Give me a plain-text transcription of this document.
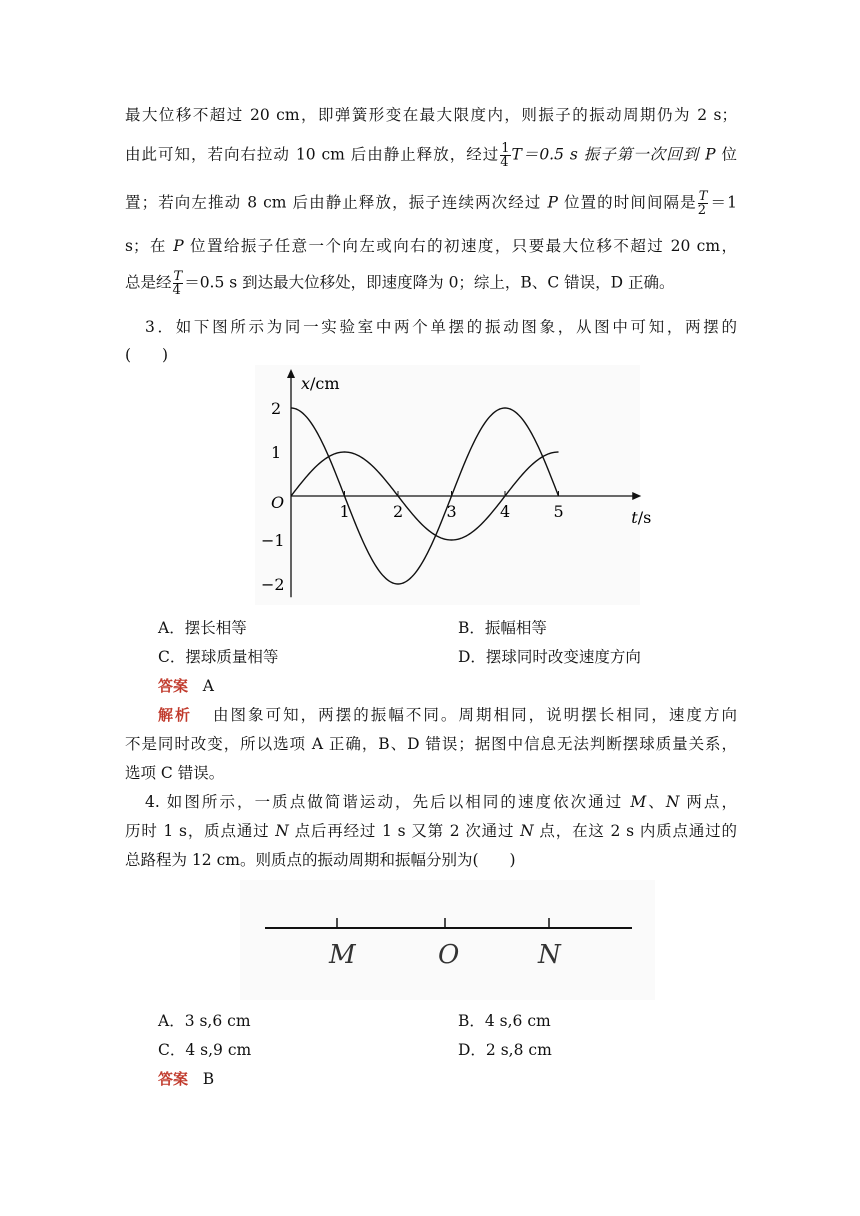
最大位移不超过 20 cm，即弹簧形变在最大限度内，则振子的振动周期仍为 2 s；
由此可知，若向右拉动 10 cm 后由静止释放，经过 $\frac{1}{4} T=0.5$ s 振子第一次回到 P 位
置；若向左推动 8 cm 后由静止释放，振子连续两次经过 P 位置的时间间隔是 $\frac{T}{2} =1$
s；在 P 位置给振子任意一个向左或向右的初速度，只要最大位移不超过 20 cm，
总是经 $\frac{T}{4} =0.5$ s 到达最大位移处，即速度降为 0；综上，B、C 错误，D 正确。
3．如下图所示为同一实验室中两个单摆的振动图象，从图中可知，两摆的
(　　)
x/cm
t/s
O	1	2	3	4	5
2
1
−1
−2
A．摆长相等	B．振幅相等
C．摆球质量相等	D．摆球同时改变速度方向
答案 A
解析 由图象可知，两摆的振幅不同。周期相同，说明摆长相同，速度方向
不是同时改变，所以选项 A 正确，B、D 错误；据图中信息无法判断摆球质量关系，
选项 C 错误。
4. 如图所示，一质点做简谐运动，先后以相同的速度依次通过 M、N 两点，
历时 1 s，质点通过 N 点后再经过 1 s 又第 2 次通过 N 点，在这 2 s 内质点通过的
总路程为 12 cm。则质点的振动周期和振幅分别为(　　)
M	O	N
A．3 s,6 cm	B．4 s,6 cm
C．4 s,9 cm	D．2 s,8 cm
答案 B
